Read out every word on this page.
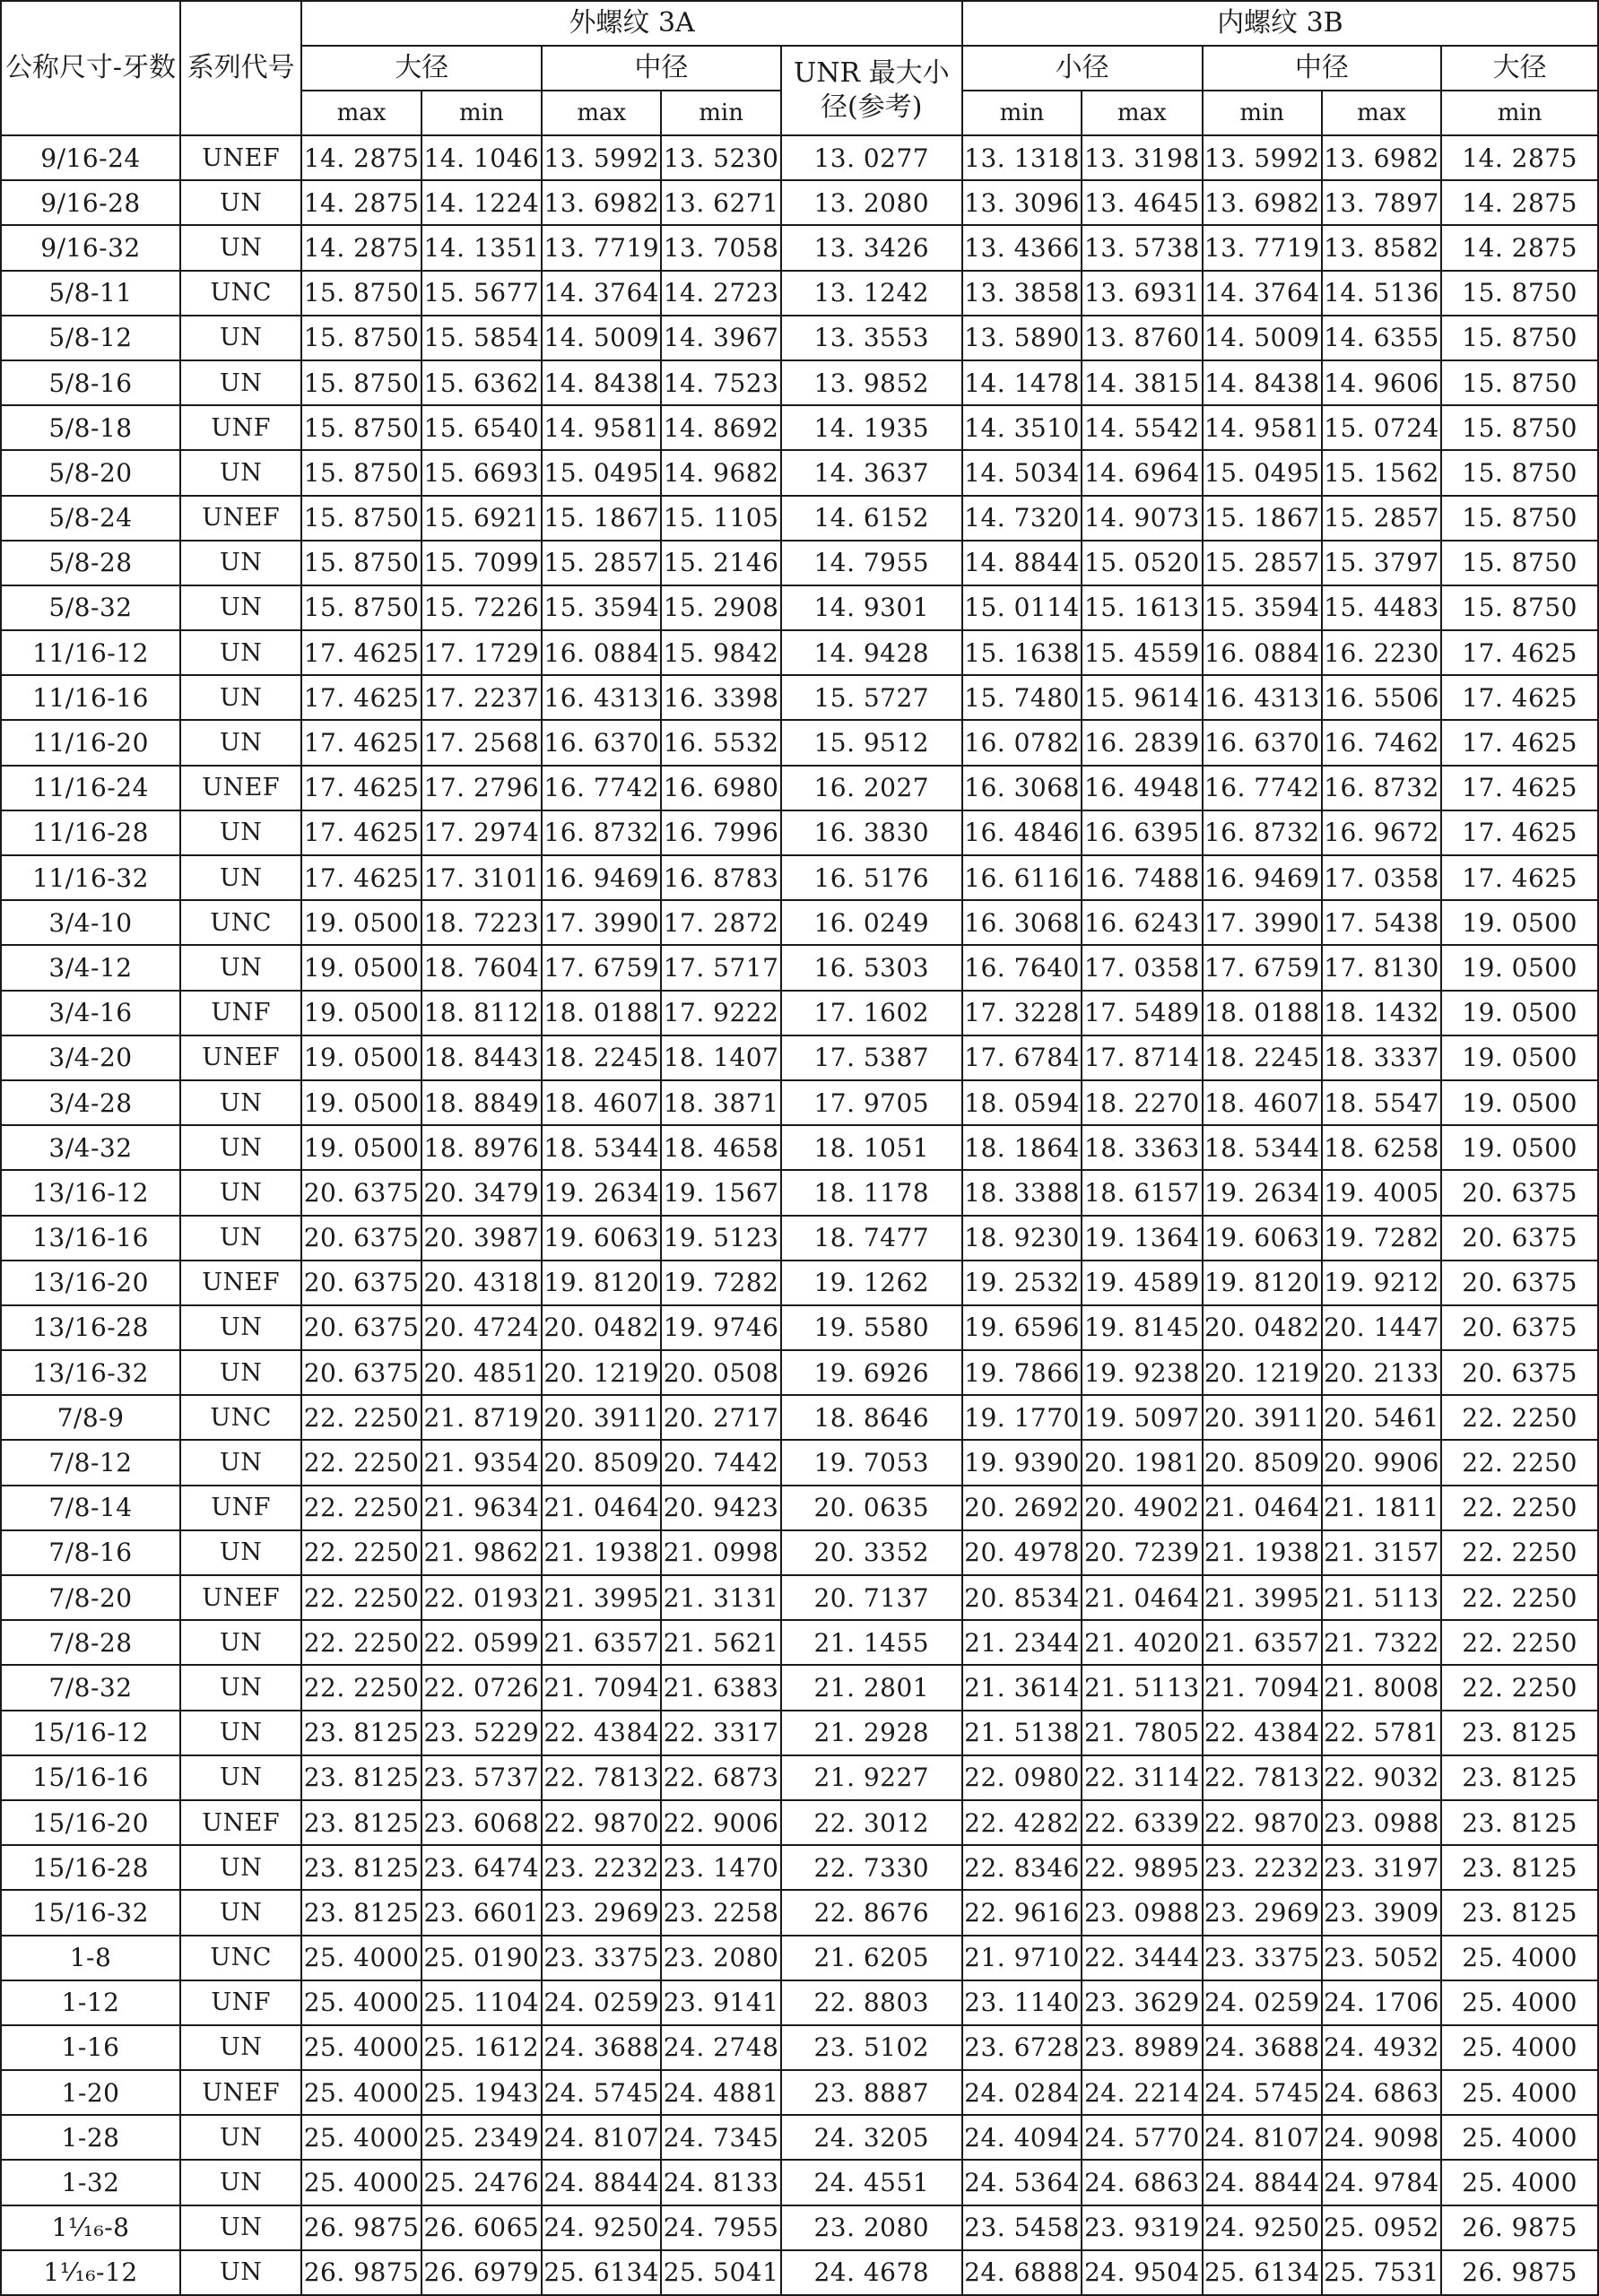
公称尺寸-牙数	系列代号	外螺纹 3A					内螺纹 3B				
		大径		中径		UNR 最大小径(参考)	小径		中径		大径
		max	min	max	min		min	max	min	max	min
9/16-24	UNEF	14. 2875	14. 1046	13. 5992	13. 5230	13. 0277	13. 1318	13. 3198	13. 5992	13. 6982	14. 2875
9/16-28	UN	14. 2875	14. 1224	13. 6982	13. 6271	13. 2080	13. 3096	13. 4645	13. 6982	13. 7897	14. 2875
9/16-32	UN	14. 2875	14. 1351	13. 7719	13. 7058	13. 3426	13. 4366	13. 5738	13. 7719	13. 8582	14. 2875
5/8-11	UNC	15. 8750	15. 5677	14. 3764	14. 2723	13. 1242	13. 3858	13. 6931	14. 3764	14. 5136	15. 8750
5/8-12	UN	15. 8750	15. 5854	14. 5009	14. 3967	13. 3553	13. 5890	13. 8760	14. 5009	14. 6355	15. 8750
5/8-16	UN	15. 8750	15. 6362	14. 8438	14. 7523	13. 9852	14. 1478	14. 3815	14. 8438	14. 9606	15. 8750
5/8-18	UNF	15. 8750	15. 6540	14. 9581	14. 8692	14. 1935	14. 3510	14. 5542	14. 9581	15. 0724	15. 8750
5/8-20	UN	15. 8750	15. 6693	15. 0495	14. 9682	14. 3637	14. 5034	14. 6964	15. 0495	15. 1562	15. 8750
5/8-24	UNEF	15. 8750	15. 6921	15. 1867	15. 1105	14. 6152	14. 7320	14. 9073	15. 1867	15. 2857	15. 8750
5/8-28	UN	15. 8750	15. 7099	15. 2857	15. 2146	14. 7955	14. 8844	15. 0520	15. 2857	15. 3797	15. 8750
5/8-32	UN	15. 8750	15. 7226	15. 3594	15. 2908	14. 9301	15. 0114	15. 1613	15. 3594	15. 4483	15. 8750
11/16-12	UN	17. 4625	17. 1729	16. 0884	15. 9842	14. 9428	15. 1638	15. 4559	16. 0884	16. 2230	17. 4625
11/16-16	UN	17. 4625	17. 2237	16. 4313	16. 3398	15. 5727	15. 7480	15. 9614	16. 4313	16. 5506	17. 4625
11/16-20	UN	17. 4625	17. 2568	16. 6370	16. 5532	15. 9512	16. 0782	16. 2839	16. 6370	16. 7462	17. 4625
11/16-24	UNEF	17. 4625	17. 2796	16. 7742	16. 6980	16. 2027	16. 3068	16. 4948	16. 7742	16. 8732	17. 4625
11/16-28	UN	17. 4625	17. 2974	16. 8732	16. 7996	16. 3830	16. 4846	16. 6395	16. 8732	16. 9672	17. 4625
11/16-32	UN	17. 4625	17. 3101	16. 9469	16. 8783	16. 5176	16. 6116	16. 7488	16. 9469	17. 0358	17. 4625
3/4-10	UNC	19. 0500	18. 7223	17. 3990	17. 2872	16. 0249	16. 3068	16. 6243	17. 3990	17. 5438	19. 0500
3/4-12	UN	19. 0500	18. 7604	17. 6759	17. 5717	16. 5303	16. 7640	17. 0358	17. 6759	17. 8130	19. 0500
3/4-16	UNF	19. 0500	18. 8112	18. 0188	17. 9222	17. 1602	17. 3228	17. 5489	18. 0188	18. 1432	19. 0500
3/4-20	UNEF	19. 0500	18. 8443	18. 2245	18. 1407	17. 5387	17. 6784	17. 8714	18. 2245	18. 3337	19. 0500
3/4-28	UN	19. 0500	18. 8849	18. 4607	18. 3871	17. 9705	18. 0594	18. 2270	18. 4607	18. 5547	19. 0500
3/4-32	UN	19. 0500	18. 8976	18. 5344	18. 4658	18. 1051	18. 1864	18. 3363	18. 5344	18. 6258	19. 0500
13/16-12	UN	20. 6375	20. 3479	19. 2634	19. 1567	18. 1178	18. 3388	18. 6157	19. 2634	19. 4005	20. 6375
13/16-16	UN	20. 6375	20. 3987	19. 6063	19. 5123	18. 7477	18. 9230	19. 1364	19. 6063	19. 7282	20. 6375
13/16-20	UNEF	20. 6375	20. 4318	19. 8120	19. 7282	19. 1262	19. 2532	19. 4589	19. 8120	19. 9212	20. 6375
13/16-28	UN	20. 6375	20. 4724	20. 0482	19. 9746	19. 5580	19. 6596	19. 8145	20. 0482	20. 1447	20. 6375
13/16-32	UN	20. 6375	20. 4851	20. 1219	20. 0508	19. 6926	19. 7866	19. 9238	20. 1219	20. 2133	20. 6375
7/8-9	UNC	22. 2250	21. 8719	20. 3911	20. 2717	18. 8646	19. 1770	19. 5097	20. 3911	20. 5461	22. 2250
7/8-12	UN	22. 2250	21. 9354	20. 8509	20. 7442	19. 7053	19. 9390	20. 1981	20. 8509	20. 9906	22. 2250
7/8-14	UNF	22. 2250	21. 9634	21. 0464	20. 9423	20. 0635	20. 2692	20. 4902	21. 0464	21. 1811	22. 2250
7/8-16	UN	22. 2250	21. 9862	21. 1938	21. 0998	20. 3352	20. 4978	20. 7239	21. 1938	21. 3157	22. 2250
7/8-20	UNEF	22. 2250	22. 0193	21. 3995	21. 3131	20. 7137	20. 8534	21. 0464	21. 3995	21. 5113	22. 2250
7/8-28	UN	22. 2250	22. 0599	21. 6357	21. 5621	21. 1455	21. 2344	21. 4020	21. 6357	21. 7322	22. 2250
7/8-32	UN	22. 2250	22. 0726	21. 7094	21. 6383	21. 2801	21. 3614	21. 5113	21. 7094	21. 8008	22. 2250
15/16-12	UN	23. 8125	23. 5229	22. 4384	22. 3317	21. 2928	21. 5138	21. 7805	22. 4384	22. 5781	23. 8125
15/16-16	UN	23. 8125	23. 5737	22. 7813	22. 6873	21. 9227	22. 0980	22. 3114	22. 7813	22. 9032	23. 8125
15/16-20	UNEF	23. 8125	23. 6068	22. 9870	22. 9006	22. 3012	22. 4282	22. 6339	22. 9870	23. 0988	23. 8125
15/16-28	UN	23. 8125	23. 6474	23. 2232	23. 1470	22. 7330	22. 8346	22. 9895	23. 2232	23. 3197	23. 8125
15/16-32	UN	23. 8125	23. 6601	23. 2969	23. 2258	22. 8676	22. 9616	23. 0988	23. 2969	23. 3909	23. 8125
1-8	UNC	25. 4000	25. 0190	23. 3375	23. 2080	21. 6205	21. 9710	22. 3444	23. 3375	23. 5052	25. 4000
1-12	UNF	25. 4000	25. 1104	24. 0259	23. 9141	22. 8803	23. 1140	23. 3629	24. 0259	24. 1706	25. 4000
1-16	UN	25. 4000	25. 1612	24. 3688	24. 2748	23. 5102	23. 6728	23. 8989	24. 3688	24. 4932	25. 4000
1-20	UNEF	25. 4000	25. 1943	24. 5745	24. 4881	23. 8887	24. 0284	24. 2214	24. 5745	24. 6863	25. 4000
1-28	UN	25. 4000	25. 2349	24. 8107	24. 7345	24. 3205	24. 4094	24. 5770	24. 8107	24. 9098	25. 4000
1-32	UN	25. 4000	25. 2476	24. 8844	24. 8133	24. 4551	24. 5364	24. 6863	24. 8844	24. 9784	25. 4000
1¹⁄₁₆-8	UN	26. 9875	26. 6065	24. 9250	24. 7955	23. 2080	23. 5458	23. 9319	24. 9250	25. 0952	26. 9875
1¹⁄₁₆-12	UN	26. 9875	26. 6979	25. 6134	25. 5041	24. 4678	24. 6888	24. 9504	25. 6134	25. 7531	26. 9875
